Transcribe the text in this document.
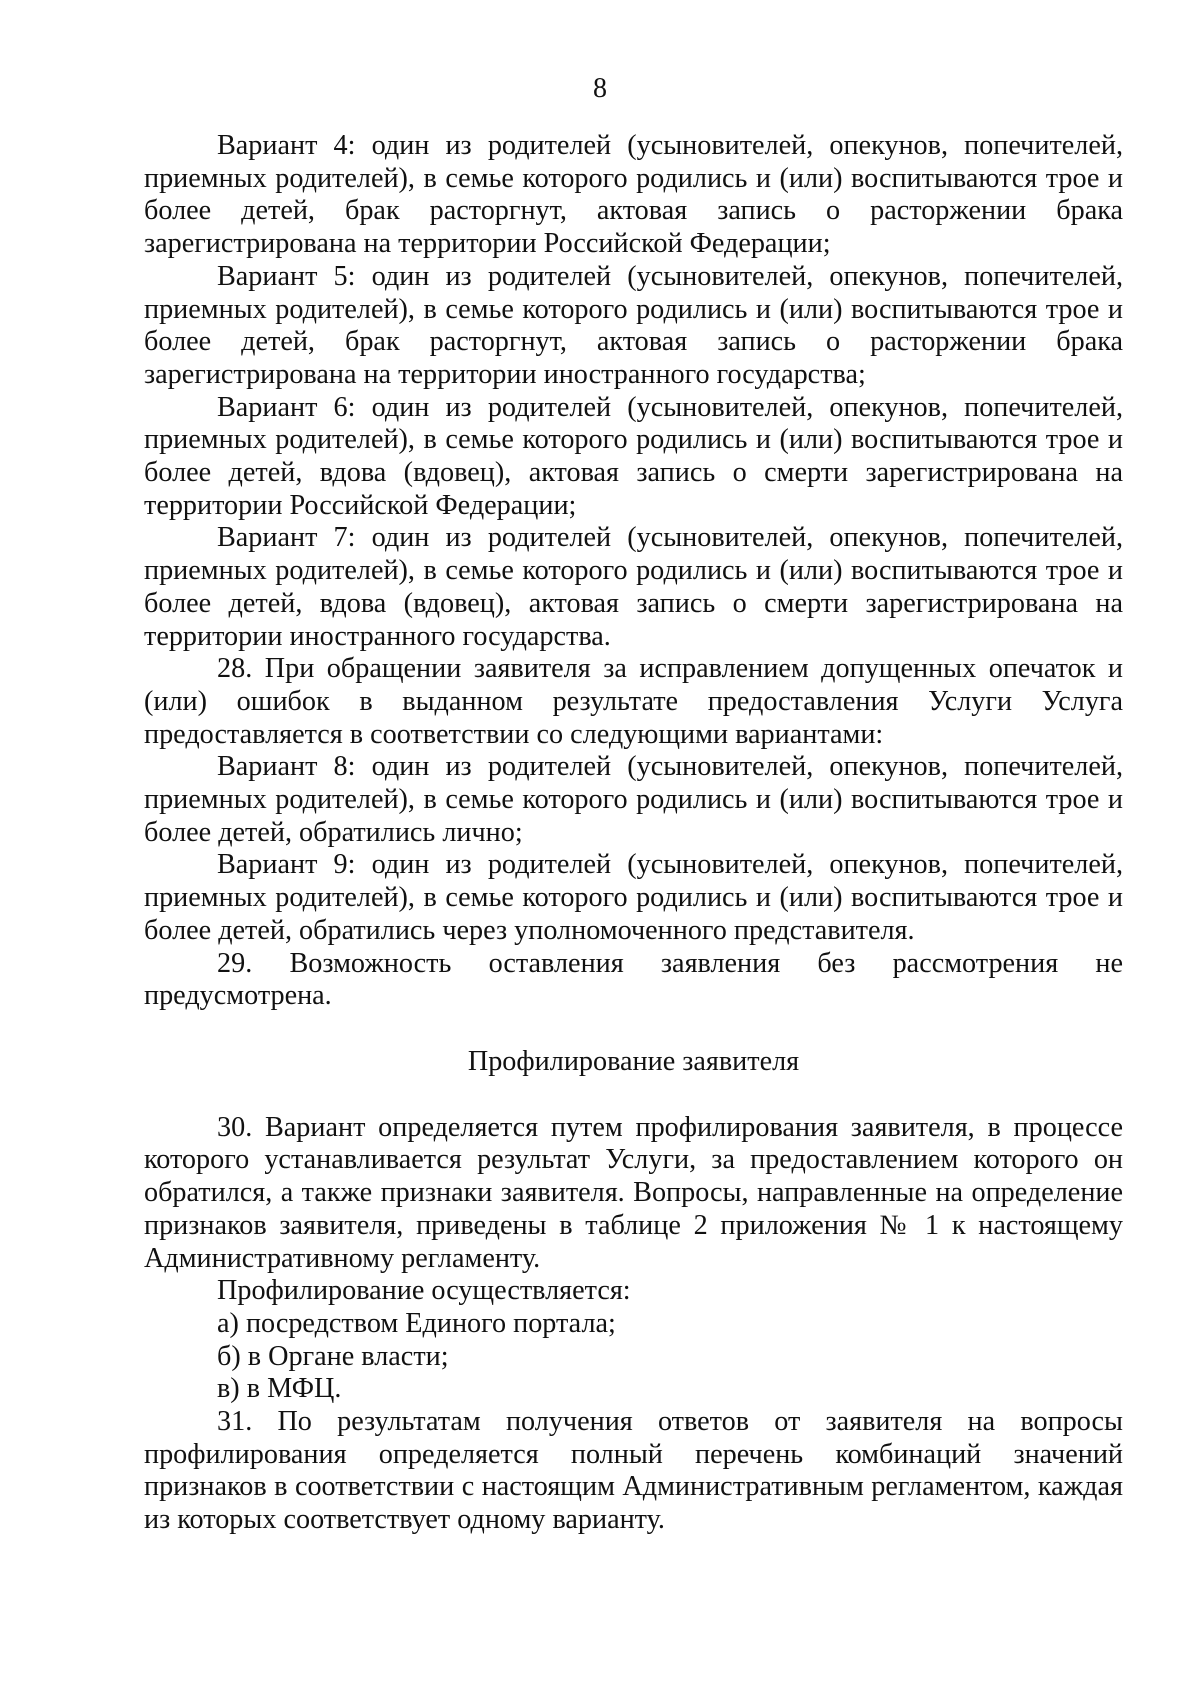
8

Вариант 4: один из родителей (усыновителей, опекунов, попечителей, приемных родителей), в семье которого родились и (или) воспитываются трое и более детей, брак расторгнут, актовая запись о расторжении брака зарегистрирована на территории Российской Федерации;

Вариант 5: один из родителей (усыновителей, опекунов, попечителей, приемных родителей), в семье которого родились и (или) воспитываются трое и более детей, брак расторгнут, актовая запись о расторжении брака зарегистрирована на территории иностранного государства;

Вариант 6: один из родителей (усыновителей, опекунов, попечителей, приемных родителей), в семье которого родились и (или) воспитываются трое и более детей, вдова (вдовец), актовая запись о смерти зарегистрирована на территории Российской Федерации;

Вариант 7: один из родителей (усыновителей, опекунов, попечителей, приемных родителей), в семье которого родились и (или) воспитываются трое и более детей, вдова (вдовец), актовая запись о смерти зарегистрирована на территории иностранного государства.

28. При обращении заявителя за исправлением допущенных опечаток и (или) ошибок в выданном результате предоставления Услуги Услуга предоставляется в соответствии со следующими вариантами:

Вариант 8: один из родителей (усыновителей, опекунов, попечителей, приемных родителей), в семье которого родились и (или) воспитываются трое и более детей, обратились лично;

Вариант 9: один из родителей (усыновителей, опекунов, попечителей, приемных родителей), в семье которого родились и (или) воспитываются трое и более детей, обратились через уполномоченного представителя.

29. Возможность оставления заявления без рассмотрения не предусмотрена.

Профилирование заявителя

30. Вариант определяется путем профилирования заявителя, в процессе которого устанавливается результат Услуги, за предоставлением которого он обратился, а также признаки заявителя. Вопросы, направленные на определение признаков заявителя, приведены в таблице 2 приложения № 1 к настоящему Административному регламенту.

Профилирование осуществляется:

а) посредством Единого портала;

б) в Органе власти;

в) в МФЦ.

31. По результатам получения ответов от заявителя на вопросы профилирования определяется полный перечень комбинаций значений признаков в соответствии с настоящим Административным регламентом, каждая из которых соответствует одному варианту.
